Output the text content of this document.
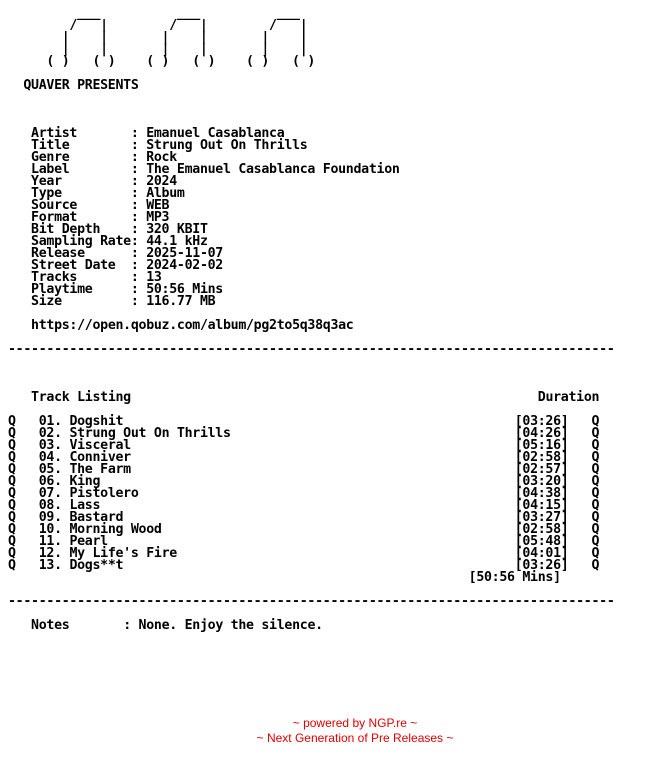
___          ___          ___
/   |        /   |        /   |
|    |       |    |       |    |
|    |       |    |       |    |
( )   ( )    ( )   ( )    ( )   ( )

QUAVER PRESENTS

Artist       : Emanuel Casablanca
Title        : Strung Out On Thrills
Genre        : Rock
Label        : The Emanuel Casablanca Foundation
Year         : 2024
Type         : Album
Source       : WEB
Format       : MP3
Bit Depth    : 320 KBIT
Sampling Rate: 44.1 kHz
Release      : 2025-11-07
Street Date  : 2024-02-02
Tracks       : 13
Playtime     : 50:56 Mins
Size         : 116.77 MB

https://open.qobuz.com/album/pg2to5q38q3ac

-------------------------------------------------------------------------------

Track Listing	Duration

Q   01. Dogshit                                                   [03:26]   Q
Q   02. Strung Out On Thrills                                     [04:26]   Q
Q   03. Visceral                                                  [05:16]   Q
Q   04. Conniver                                                  [02:58]   Q
Q   05. The Farm                                                  [02:57]   Q
Q   06. King                                                      [03:20]   Q
Q   07. Pistolero                                                 [04:38]   Q
Q   08. Lass                                                      [04:15]   Q
Q   09. Bastard                                                   [03:27]   Q
Q   10. Morning Wood                                              [02:58]   Q
Q   11. Pearl                                                     [05:48]   Q
Q   12. My Life's Fire                                            [04:01]   Q
Q   13. Dogs**t                                                   [03:26]   Q
[50:56 Mins]

-------------------------------------------------------------------------------

Notes	: None. Enjoy the silence.
~ powered by NGP.re ~
~ Next Generation of Pre Releases ~
